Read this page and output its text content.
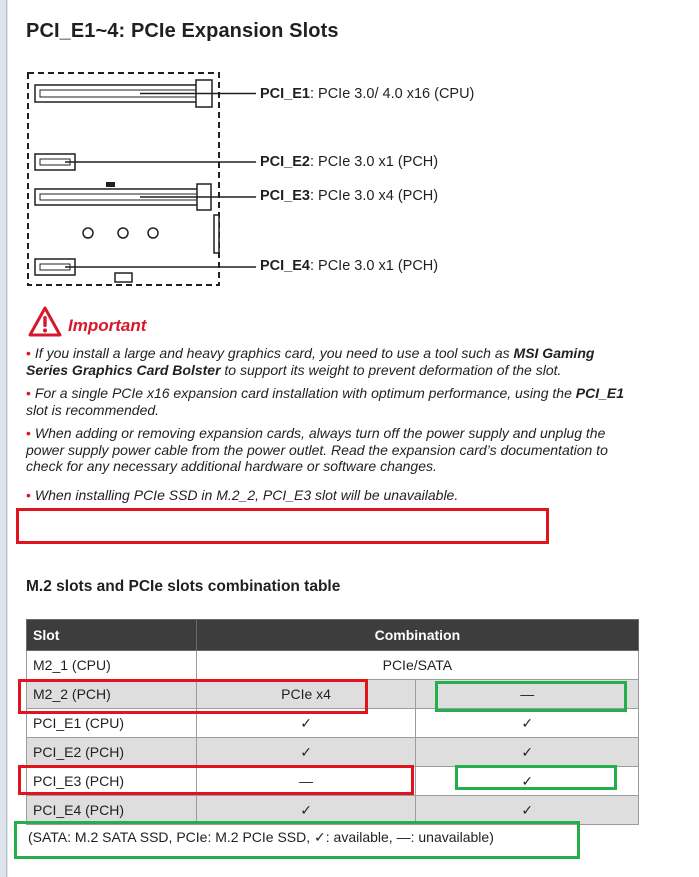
PCI_E1~4: PCIe Expansion Slots
PCI_E1: PCIe 3.0/ 4.0 x16 (CPU)
PCI_E2: PCIe 3.0 x1 (PCH)
PCI_E3: PCIe 3.0 x4 (PCH)
PCI_E4: PCIe 3.0 x1 (PCH)
Important

• If you install a large and heavy graphics card, you need to use a tool such as MSI Gaming Series Graphics Card Bolster to support its weight to prevent deformation of the slot.

• For a single PCIe x16 expansion card installation with optimum performance, using the PCI_E1 slot is recommended.

• When adding or removing expansion cards, always turn off the power supply and unplug the power supply power cable from the power outlet. Read the expansion card’s documentation to check for any necessary additional hardware or software changes.

• When installing PCIe SSD in M.2_2, PCI_E3 slot will be unavailable.

M.2 slots and PCIe slots combination table
Slot	Combination	
M2_1 (CPU)	PCIe/SATA	
M2_2 (PCH)	PCIe x4	—
PCI_E1 (CPU)	✓	✓
PCI_E2 (PCH)	✓	✓
PCI_E3 (PCH)	—	✓
PCI_E4 (PCH)	✓	✓
(SATA: M.2 SATA SSD, PCIe: M.2 PCIe SSD, ✓: available, —: unavailable)
